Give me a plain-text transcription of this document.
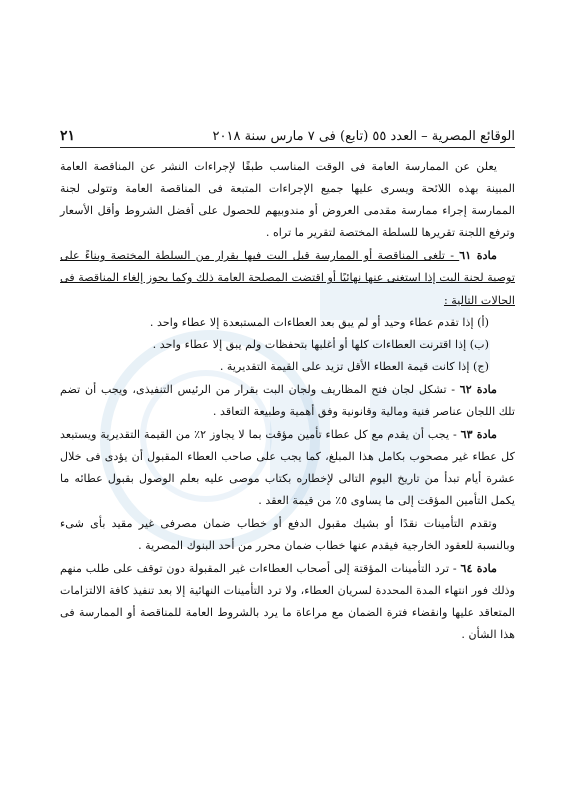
الوقائع المصرية – العدد ٥٥ (تابع) فى ٧ مارس سنة ٢٠١٨
٢١

يعلن عن الممارسة العامة فى الوقت المناسب طبقًا لإجراءات النشر عن المناقصة العامة المبينة بهذه اللائحة ويسرى عليها جميع الإجراءات المتبعة فى المناقصة العامة وتتولى لجنة الممارسة إجراء ممارسة مقدمى العروض أو مندوبيهم للحصول على أفضل الشروط وأقل الأسعار وترفع اللجنة تقريرها للسلطة المختصة لتقرير ما تراه .

مادة ٦١ - تلغى المناقصة أو الممارسة قبل البت فيها بقرار من السلطة المختصة وبناءً على توصية لجنة البت إذا استغنى عنها نهائيًا أو اقتضت المصلحة العامة ذلك وكما يجوز إلغاء المناقصة فى الحالات التالية :

(أ) إذا تقدم عطاء وحيد أو لم يبق بعد العطاءات المستبعدة إلا عطاء واحد .

(ب) إذا اقترنت العطاءات كلها أو أغلبها بتحفظات ولم يبق إلا عطاء واحد .

(ج) إذا كانت قيمة العطاء الأقل تزيد على القيمة التقديرية .

مادة ٦٢ - تشكل لجان فتح المظاريف ولجان البت بقرار من الرئيس التنفيذى، ويجب أن تضم تلك اللجان عناصر فنية ومالية وقانونية وفق أهمية وطبيعة التعاقد .

مادة ٦٣ - يجب أن يقدم مع كل عطاء تأمين مؤقت بما لا يجاوز ٢٪ من القيمة التقديرية ويستبعد كل عطاء غير مصحوب بكامل هذا المبلغ، كما يجب على صاحب العطاء المقبول أن يؤدى فى خلال عشرة أيام تبدأ من تاريخ اليوم التالى لإخطاره بكتاب موصى عليه بعلم الوصول بقبول عطائه ما يكمل التأمين المؤقت إلى ما يساوى ٥٪ من قيمة العقد .

وتقدم التأمينات نقدًا أو بشيك مقبول الدفع أو خطاب ضمان مصرفى غير مقيد بأى شىء وبالنسبة للعقود الخارجية فيقدم عنها خطاب ضمان محرر من أحد البنوك المصرية .

مادة ٦٤ - ترد التأمينات المؤقتة إلى أصحاب العطاءات غير المقبولة دون توقف على طلب منهم وذلك فور انتهاء المدة المحددة لسريان العطاء، ولا ترد التأمينات النهائية إلا بعد تنفيذ كافة الالتزامات المتعاقد عليها وانقضاء فترة الضمان مع مراعاة ما يرد بالشروط العامة للمناقصة أو الممارسة فى هذا الشأن .
